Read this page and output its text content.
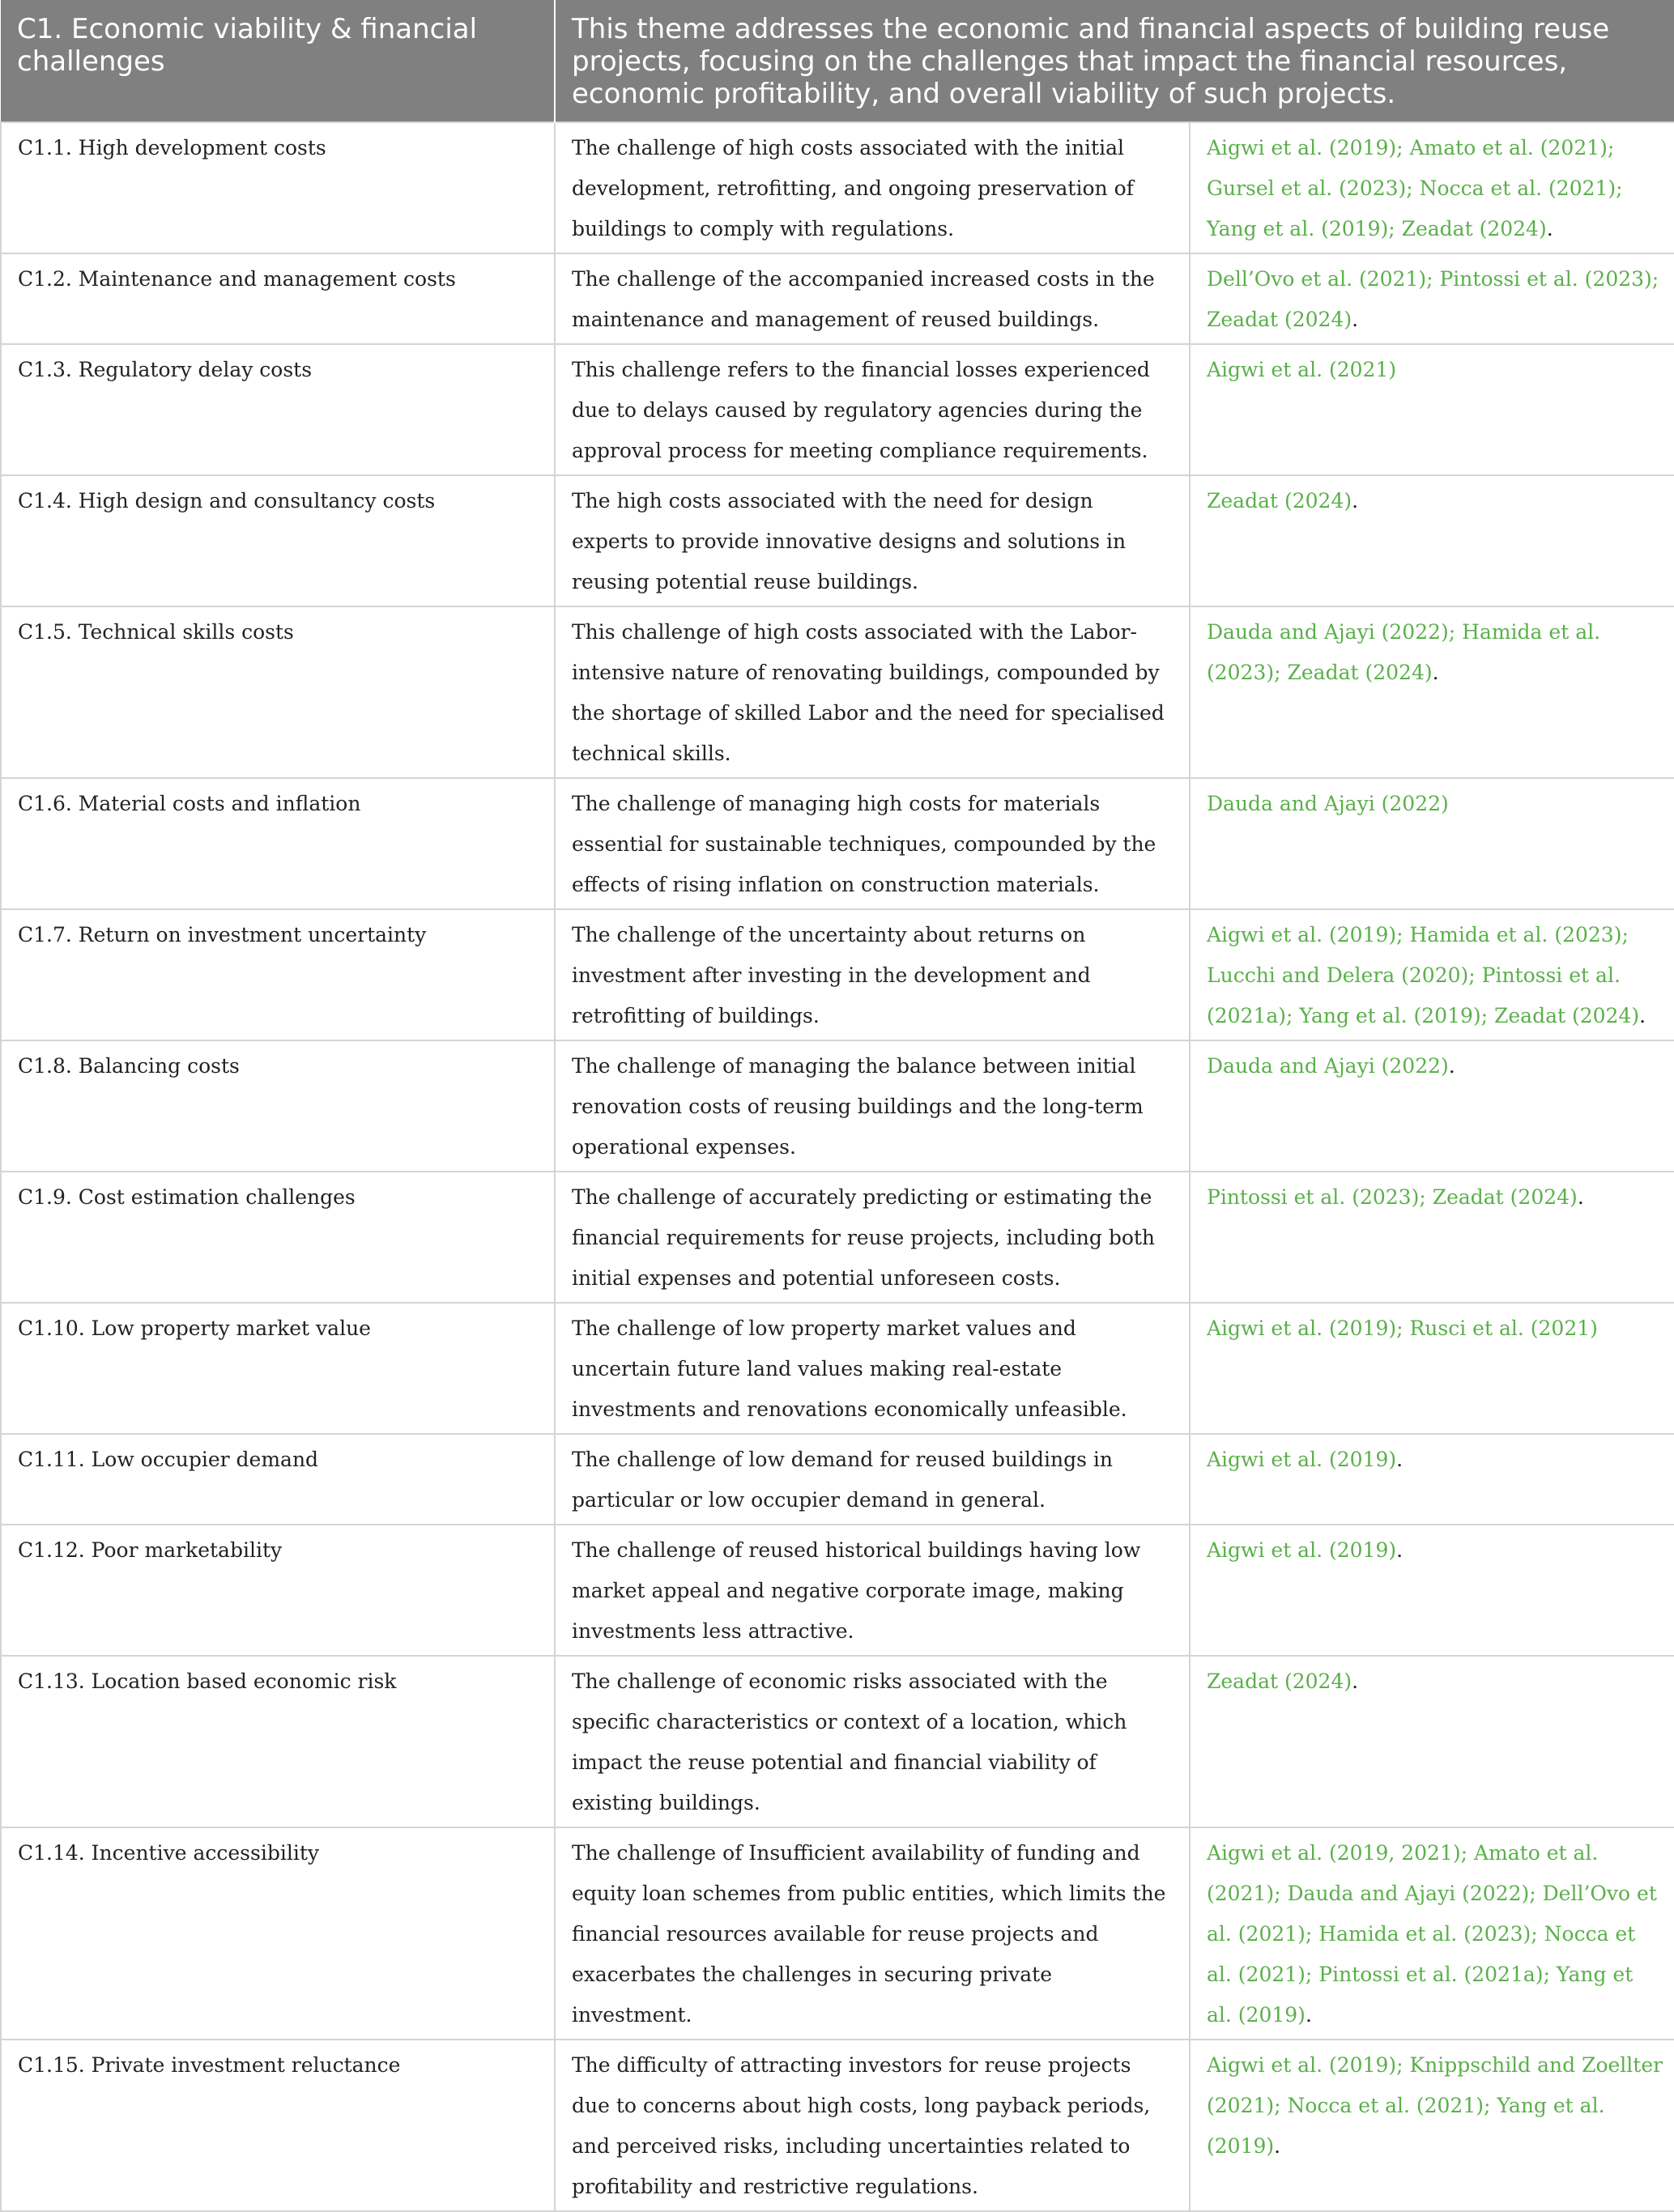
C1. Economic viability & financial challenges	This theme addresses the economic and financial aspects of building reuse projects, focusing on the challenges that impact the financial resources, economic profitability, and overall viability of such projects.	
C1.1. High development costs	The challenge of high costs associated with the initial development, retrofitting, and ongoing preservation of buildings to comply with regulations.	Aigwi et al. (2019); Amato et al. (2021); Gursel et al. (2023); Nocca et al. (2021); Yang et al. (2019); Zeadat (2024).
C1.2. Maintenance and management costs	The challenge of the accompanied increased costs in the maintenance and management of reused buildings.	Dell’Ovo et al. (2021); Pintossi et al. (2023); Zeadat (2024).
C1.3. Regulatory delay costs	This challenge refers to the financial losses experienced due to delays caused by regulatory agencies during the approval process for meeting compliance requirements.	Aigwi et al. (2021)
C1.4. High design and consultancy costs	The high costs associated with the need for design experts to provide innovative designs and solutions in reusing potential reuse buildings.	Zeadat (2024).
C1.5. Technical skills costs	This challenge of high costs associated with the Labor-intensive nature of renovating buildings, compounded by the shortage of skilled Labor and the need for specialised technical skills.	Dauda and Ajayi (2022); Hamida et al. (2023); Zeadat (2024).
C1.6. Material costs and inflation	The challenge of managing high costs for materials essential for sustainable techniques, compounded by the effects of rising inflation on construction materials.	Dauda and Ajayi (2022)
C1.7. Return on investment uncertainty	The challenge of the uncertainty about returns on investment after investing in the development and retrofitting of buildings.	Aigwi et al. (2019); Hamida et al. (2023); Lucchi and Delera (2020); Pintossi et al. (2021a); Yang et al. (2019); Zeadat (2024).
C1.8. Balancing costs	The challenge of managing the balance between initial renovation costs of reusing buildings and the long-term operational expenses.	Dauda and Ajayi (2022).
C1.9. Cost estimation challenges	The challenge of accurately predicting or estimating the financial requirements for reuse projects, including both initial expenses and potential unforeseen costs.	Pintossi et al. (2023); Zeadat (2024).
C1.10. Low property market value	The challenge of low property market values and uncertain future land values making real-estate investments and renovations economically unfeasible.	Aigwi et al. (2019); Rusci et al. (2021)
C1.11. Low occupier demand	The challenge of low demand for reused buildings in particular or low occupier demand in general.	Aigwi et al. (2019).
C1.12. Poor marketability	The challenge of reused historical buildings having low market appeal and negative corporate image, making investments less attractive.	Aigwi et al. (2019).
C1.13. Location based economic risk	The challenge of economic risks associated with the specific characteristics or context of a location, which impact the reuse potential and financial viability of existing buildings.	Zeadat (2024).
C1.14. Incentive accessibility	The challenge of Insufficient availability of funding and equity loan schemes from public entities, which limits the financial resources available for reuse projects and exacerbates the challenges in securing private investment.	Aigwi et al. (2019, 2021); Amato et al. (2021); Dauda and Ajayi (2022); Dell’Ovo et al. (2021); Hamida et al. (2023); Nocca et al. (2021); Pintossi et al. (2021a); Yang et al. (2019).
C1.15. Private investment reluctance	The difficulty of attracting investors for reuse projects due to concerns about high costs, long payback periods, and perceived risks, including uncertainties related to profitability and restrictive regulations.	Aigwi et al. (2019); Knippschild and Zoellter (2021); Nocca et al. (2021); Yang et al. (2019).
